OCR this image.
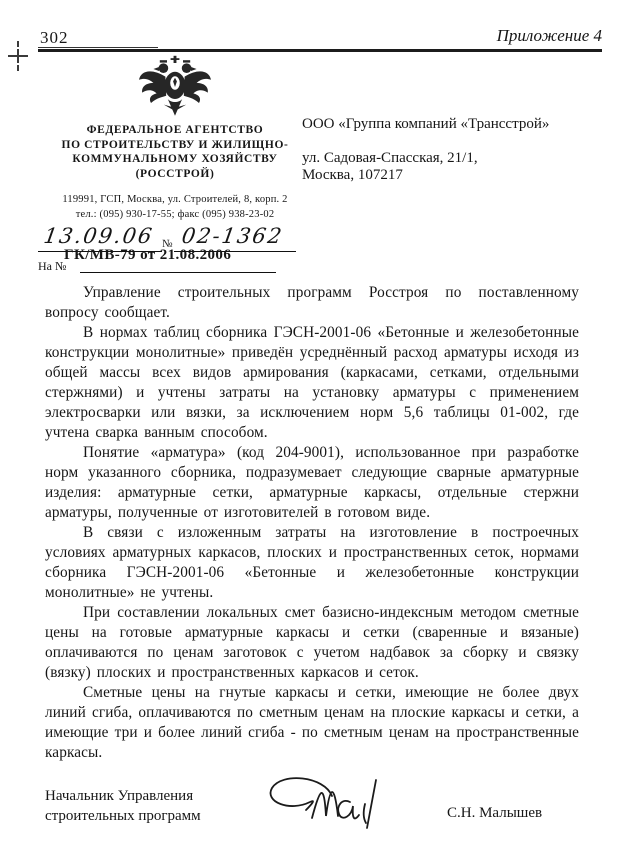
302	Приложение 4
ФЕДЕРАЛЬНОЕ АГЕНТСТВО
ПО СТРОИТЕЛЬСТВУ И ЖИЛИЩНО-
КОММУНАЛЬНОМУ ХОЗЯЙСТВУ
(РОССТРОЙ)
119991, ГСП, Москва, ул. Строителей, 8, корп. 2
тел.: (095) 930-17-55; факс (095) 938-23-02
13.09.06 № 02-1362
ГК/МВ-79 от 21.08.2006
На №
ООО «Группа компаний «Трансстрой»
ул. Садовая-Спасская, 21/1,
Москва, 107217

Управление строительных программ Росстроя по поставленному вопросу сообщает.

В нормах таблиц сборника ГЭСН-2001-06 «Бетонные и железобетонные конструкции монолитные» приведён усреднённый расход арматуры исходя из общей массы всех видов армирования (каркасами, сетками, отдельными стержнями) и учтены затраты на установку арматуры с применением электросварки или вязки, за исключением норм 5,6 таблицы 01-002, где учтена сварка ванным способом.

Понятие «арматура» (код 204-9001), использованное при разработке норм указанного сборника, подразумевает следующие сварные арматурные изделия: арматурные сетки, арматурные каркасы, отдельные стержни арматуры, полученные от изготовителей в готовом виде.

В связи с изложенным затраты на изготовление в построечных условиях арматурных каркасов, плоских и пространственных сеток, нормами сборника ГЭСН-2001-06 «Бетонные и железобетонные конструкции монолитные» не учтены.

При составлении локальных смет базисно-индексным методом сметные цены на готовые арматурные каркасы и сетки (сваренные и вязаные) оплачиваются по ценам заготовок с учетом надбавок за сборку и связку (вязку) плоских и пространственных каркасов и сеток.

Сметные цены на гнутые каркасы и сетки, имеющие не более двух линий сгиба, оплачиваются по сметным ценам на плоские каркасы и сетки, а имеющие три и более линий сгиба - по сметным ценам на пространственные каркасы.

Начальник Управления
строительных программ	С.Н. Малышев
